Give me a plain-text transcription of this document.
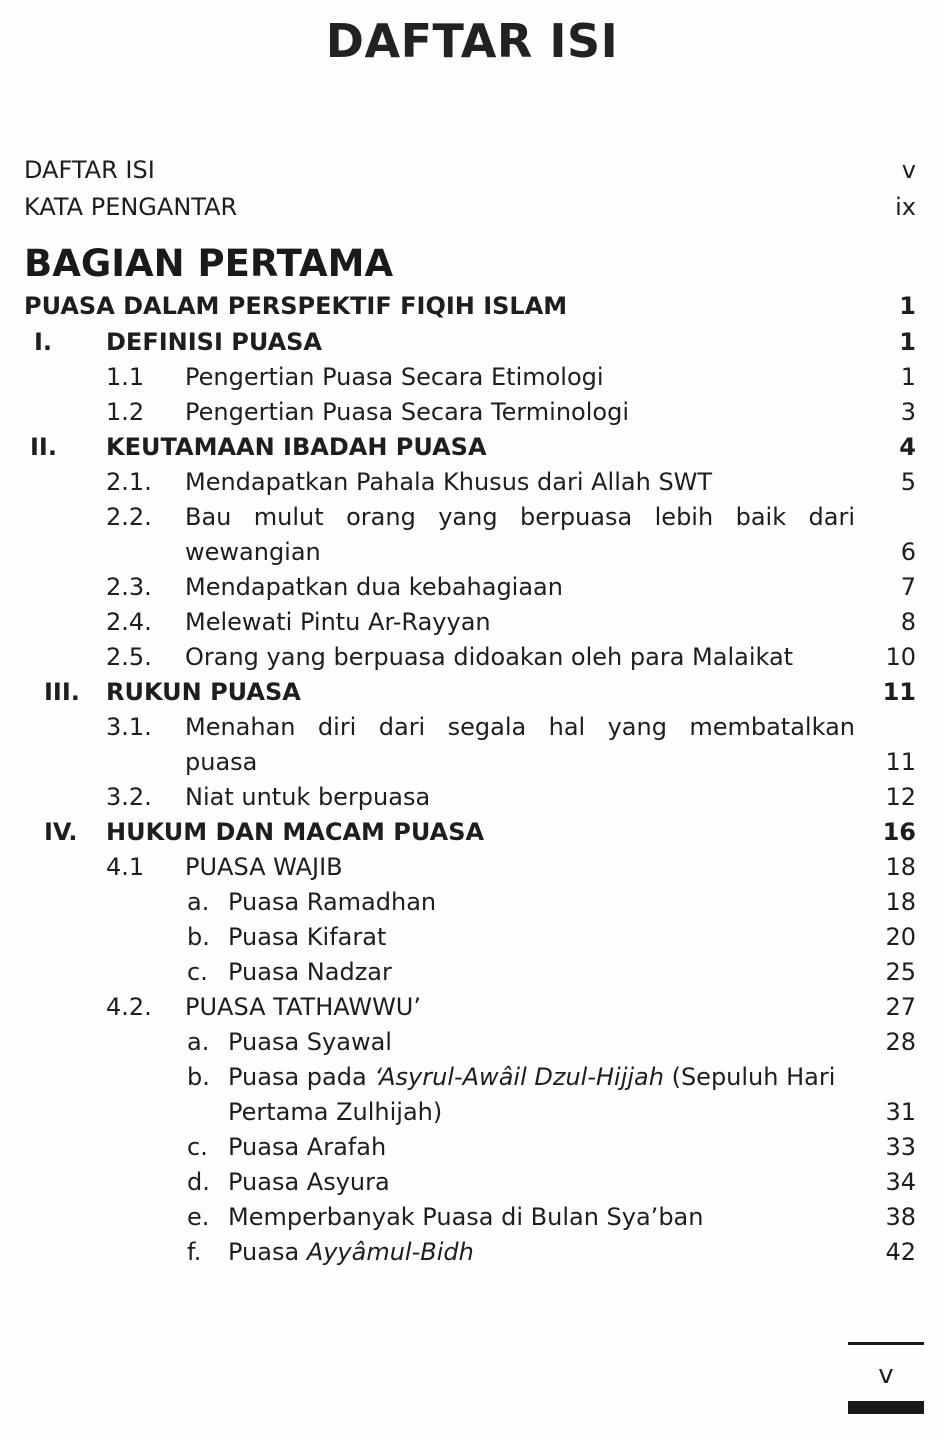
DAFTAR ISI
DAFTAR ISI	v
KATA PENGANTAR	ix
BAGIAN PERTAMA
PUASA DALAM PERSPEKTIF FIQIH ISLAM	1
I. DEFINISI PUASA	1
1.1 Pengertian Puasa Secara Etimologi	1
1.2 Pengertian Puasa Secara Terminologi	3
II. KEUTAMAAN IBADAH PUASA	4
2.1. Mendapatkan Pahala Khusus dari Allah SWT	5
2.2. Bau mulut orang yang berpuasa lebih baik dari
wewangian	6
2.3. Mendapatkan dua kebahagiaan	7
2.4. Melewati Pintu Ar-Rayyan	8
2.5. Orang yang berpuasa didoakan oleh para Malaikat	10
III. RUKUN PUASA	11
3.1. Menahan diri dari segala hal yang membatalkan
puasa	11
3.2. Niat untuk berpuasa	12
IV. HUKUM DAN MACAM PUASA	16
4.1 PUASA WAJIB	18
a. Puasa Ramadhan	18
b. Puasa Kifarat	20
c. Puasa Nadzar	25
4.2. PUASA TATHAWWU’	27
a. Puasa Syawal	28
b. Puasa pada ‘Asyrul-Awâil Dzul-Hijjah (Sepuluh Hari
Pertama Zulhijah)	31
c. Puasa Arafah	33
d. Puasa Asyura	34
e. Memperbanyak Puasa di Bulan Sya’ban	38
f. Puasa Ayyâmul-Bidh	42
v
